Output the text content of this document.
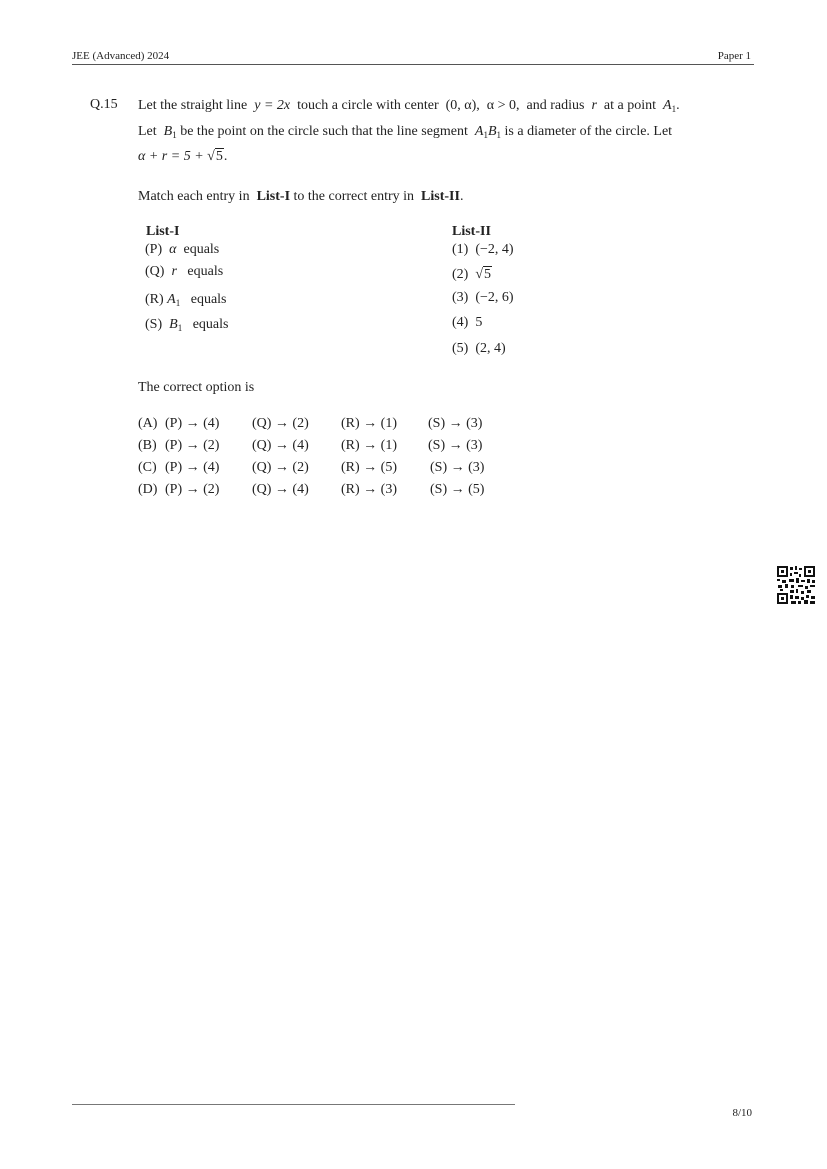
JEE (Advanced) 2024	Paper 1
Q.15 Let the straight line y = 2x touch a circle with center (0, α), α > 0, and radius r at a point $A_1$.
Let $B_1$ be the point on the circle such that the line segment $A_1B_1$ is a diameter of the circle. Let
α + r = 5 + √5.
Match each entry in List-I to the correct entry in List-II.
List-I
(P) α equals
(Q) r equals
(R) $A_1$ equals
(S) $B_1$ equals
List-II
(1) (−2, 4)
(2) √5
(3) (−2, 6)
(4) 5
(5) (2, 4)
The correct option is
(A) (P) → (4) (Q) → (2) (R) → (1) (S) → (3)
(B) (P) → (2) (Q) → (4) (R) → (1) (S) → (3)
(C) (P) → (4) (Q) → (2) (R) → (5) (S) → (3)
(D) (P) → (2) (Q) → (4) (R) → (3) (S) → (5)
8/10
